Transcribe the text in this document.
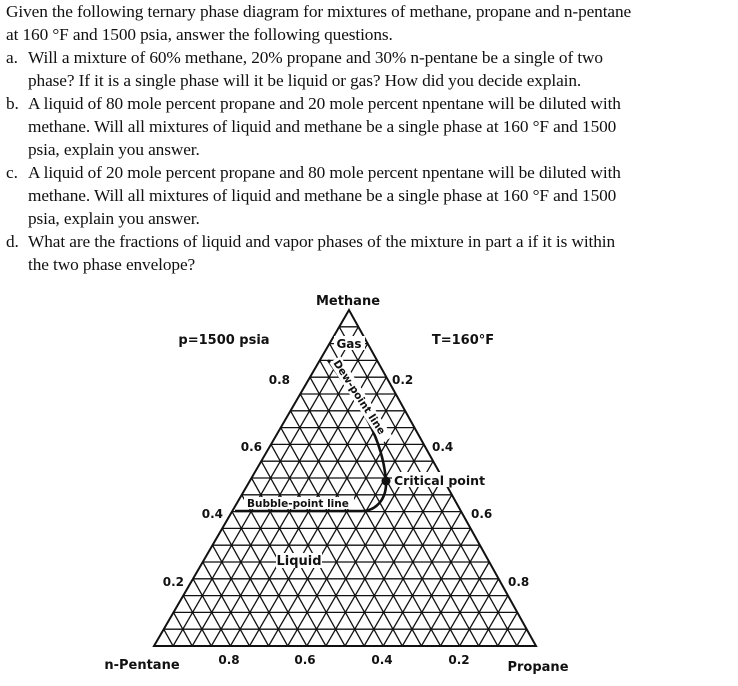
Given the following ternary phase diagram for mixtures of methane, propane and n-pentane
at 160 °F and 1500 psia, answer the following questions.
a. Will a mixture of 60% methane, 20% propane and 30% n-pentane be a single of two
phase? If it is a single phase will it be liquid or gas? How did you decide explain.
b. A liquid of 80 mole percent propane and 20 mole percent npentane will be diluted with
methane. Will all mixtures of liquid and methane be a single phase at 160 °F and 1500
psia, explain you answer.
c. A liquid of 20 mole percent propane and 80 mole percent npentane will be diluted with
methane. Will all mixtures of liquid and methane be a single phase at 160 °F and 1500
psia, explain you answer.
d. What are the fractions of liquid and vapor phases of the mixture in part a if it is within
the two phase envelope?
Methane
n-Pentane	Propane
p=1500 psia	T=160°F
0.8
0.6
0.4
0.2
0.2
0.4
0.6
0.8
0.8	0.6	0.4	0.2
Gas
Liquid
Dew-point line
Bubble-point line
Critical point
